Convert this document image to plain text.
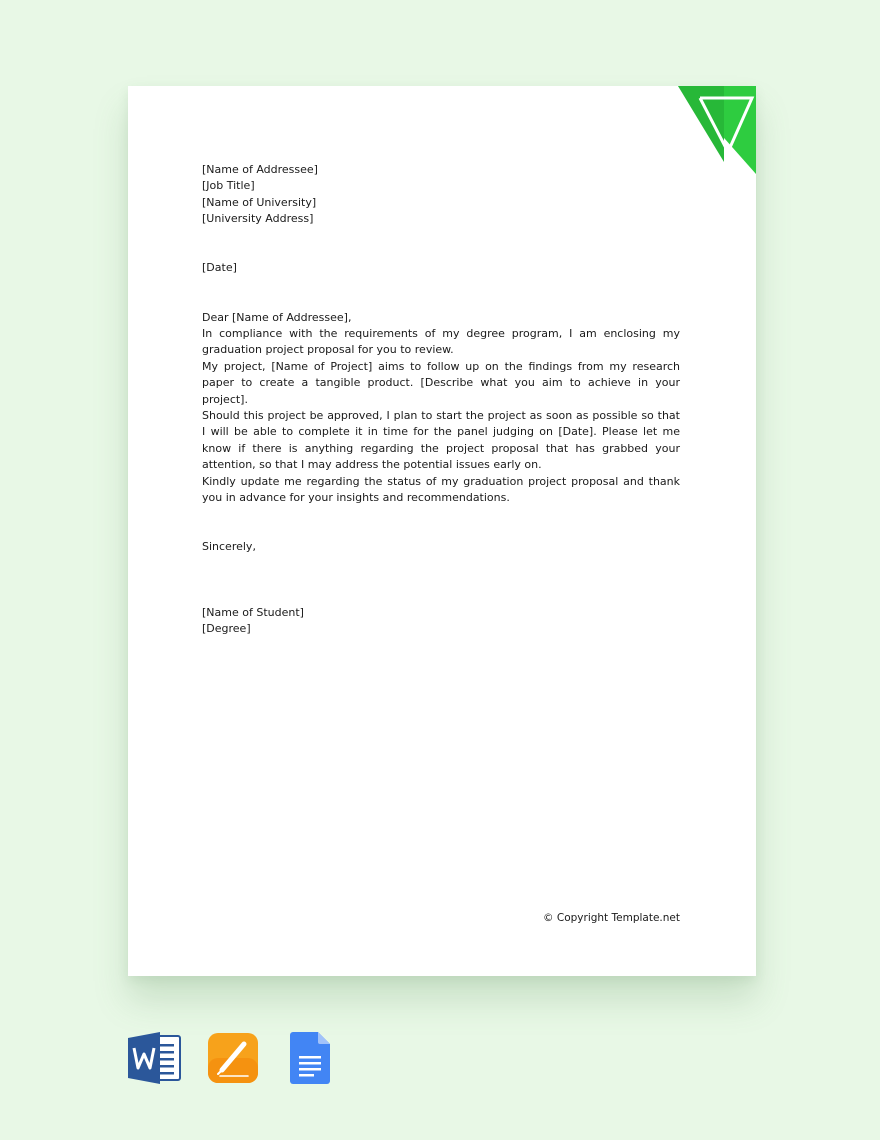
[Name of Addressee]
[Job Title]
[Name of University]
[University Address]
[Date]
Dear [Name of Addressee],

In compliance with the requirements of my degree program, I am enclosing my graduation project proposal for you to review.

My project, [Name of Project] aims to follow up on the findings from my research paper to create a tangible product. [Describe what you aim to achieve in your project].

Should this project be approved, I plan to start the project as soon as possible so that I will be able to complete it in time for the panel judging on [Date]. Please let me know if there is anything regarding the project proposal that has grabbed your attention, so that I may address the potential issues early on.

Kindly update me regarding the status of my graduation project proposal and thank you in advance for your insights and recommendations.

Sincerely,
[Name of Student]
[Degree]
© Copyright Template.net
